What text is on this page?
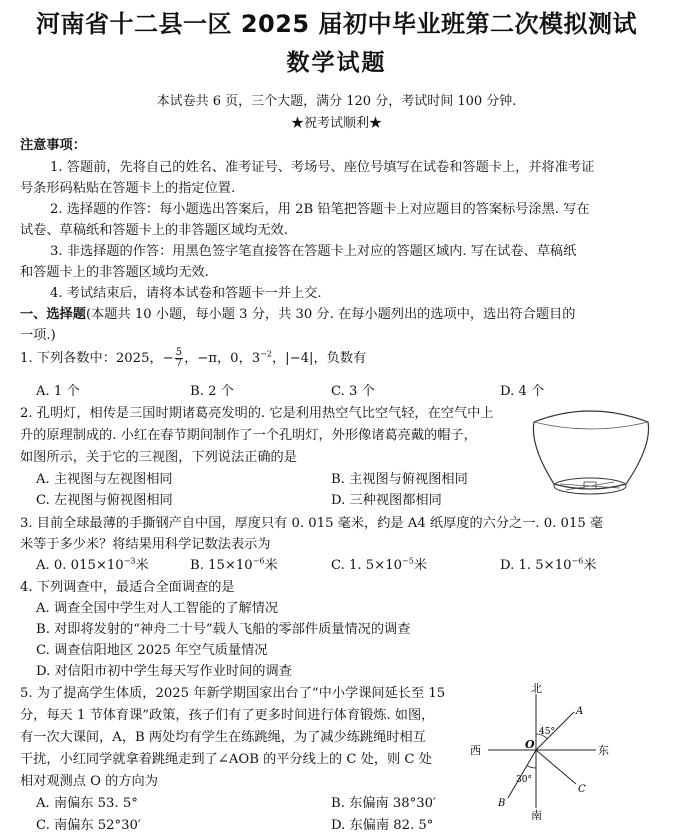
河南省十二县一区 2025 届初中毕业班第二次模拟测试
数学试题
本试卷共 6 页，三个大题，满分 120 分，考试时间 100 分钟.
★祝考试顺利★
注意事项：
1. 答题前，先将自己的姓名、准考证号、考场号、座位号填写在试卷和答题卡上，并将准考证
号条形码粘贴在答题卡上的指定位置.
2. 选择题的作答：每小题选出答案后，用 2B 铅笔把答题卡上对应题目的答案标号涂黑. 写在
试卷、草稿纸和答题卡上的非答题区域均无效.
3. 非选择题的作答：用黑色签字笔直接答在答题卡上对应的答题区域内. 写在试卷、草稿纸
和答题卡上的非答题区域均无效.
4. 考试结束后，请将本试卷和答题卡一并上交.
一、选择题(本题共 10 小题，每小题 3 分，共 30 分. 在每小题列出的选项中，选出符合题目的
一项.)
1. 下列各数中：2025，− $\frac{5}{7}$ ，−π，0，$3^{-2}$，|−4|，负数有
A. 1 个	B. 2 个	C. 3 个	D. 4 个
2. 孔明灯，相传是三国时期诸葛亮发明的. 它是利用热空气比空气轻，在空气中上
升的原理制成的. 小红在春节期间制作了一个孔明灯，外形像诸葛亮戴的帽子，
如图所示，关于它的三视图，下列说法正确的是
A. 主视图与左视图相同	B. 主视图与俯视图相同
C. 左视图与俯视图相同	D. 三种视图都相同
3. 目前全球最薄的手撕钢产自中国，厚度只有 0. 015 毫米，约是 A4 纸厚度的六分之一. 0. 015 毫
米等于多少米？将结果用科学记数法表示为
A. 0. $015\times 10^{-3}$米	B. $15\times 10^{-6}$米	C. 1. $5\times 10^{-5}$米	D. 1. $5\times 10^{-6}$米
4. 下列调查中，最适合全面调查的是
A. 调查全国中学生对人工智能的了解情况
B. 对即将发射的“神舟二十号”载人飞船的零部件质量情况的调查
C. 调查信阳地区 2025 年空气质量情况
D. 对信阳市初中学生每天写作业时间的调查
5. 为了提高学生体质，2025 年新学期国家出台了“中小学课间延长至 15
分，每天 1 节体育课”政策，孩子们有了更多时间进行体育锻炼. 如图，
有一次大课间，A，B 两处均有学生在练跳绳，为了减少练跳绳时相互
干扰，小红同学就拿着跳绳走到了∠AOB 的平分线上的 C 处，则 C 处
相对观测点 O 的方向为
A. 南偏东 53. 5°	B. 东偏南 38°30′
C. 南偏东 52°30′	D. 东偏南 82. 5°
北
南
西	东
O
A
B
C
45°
30°
